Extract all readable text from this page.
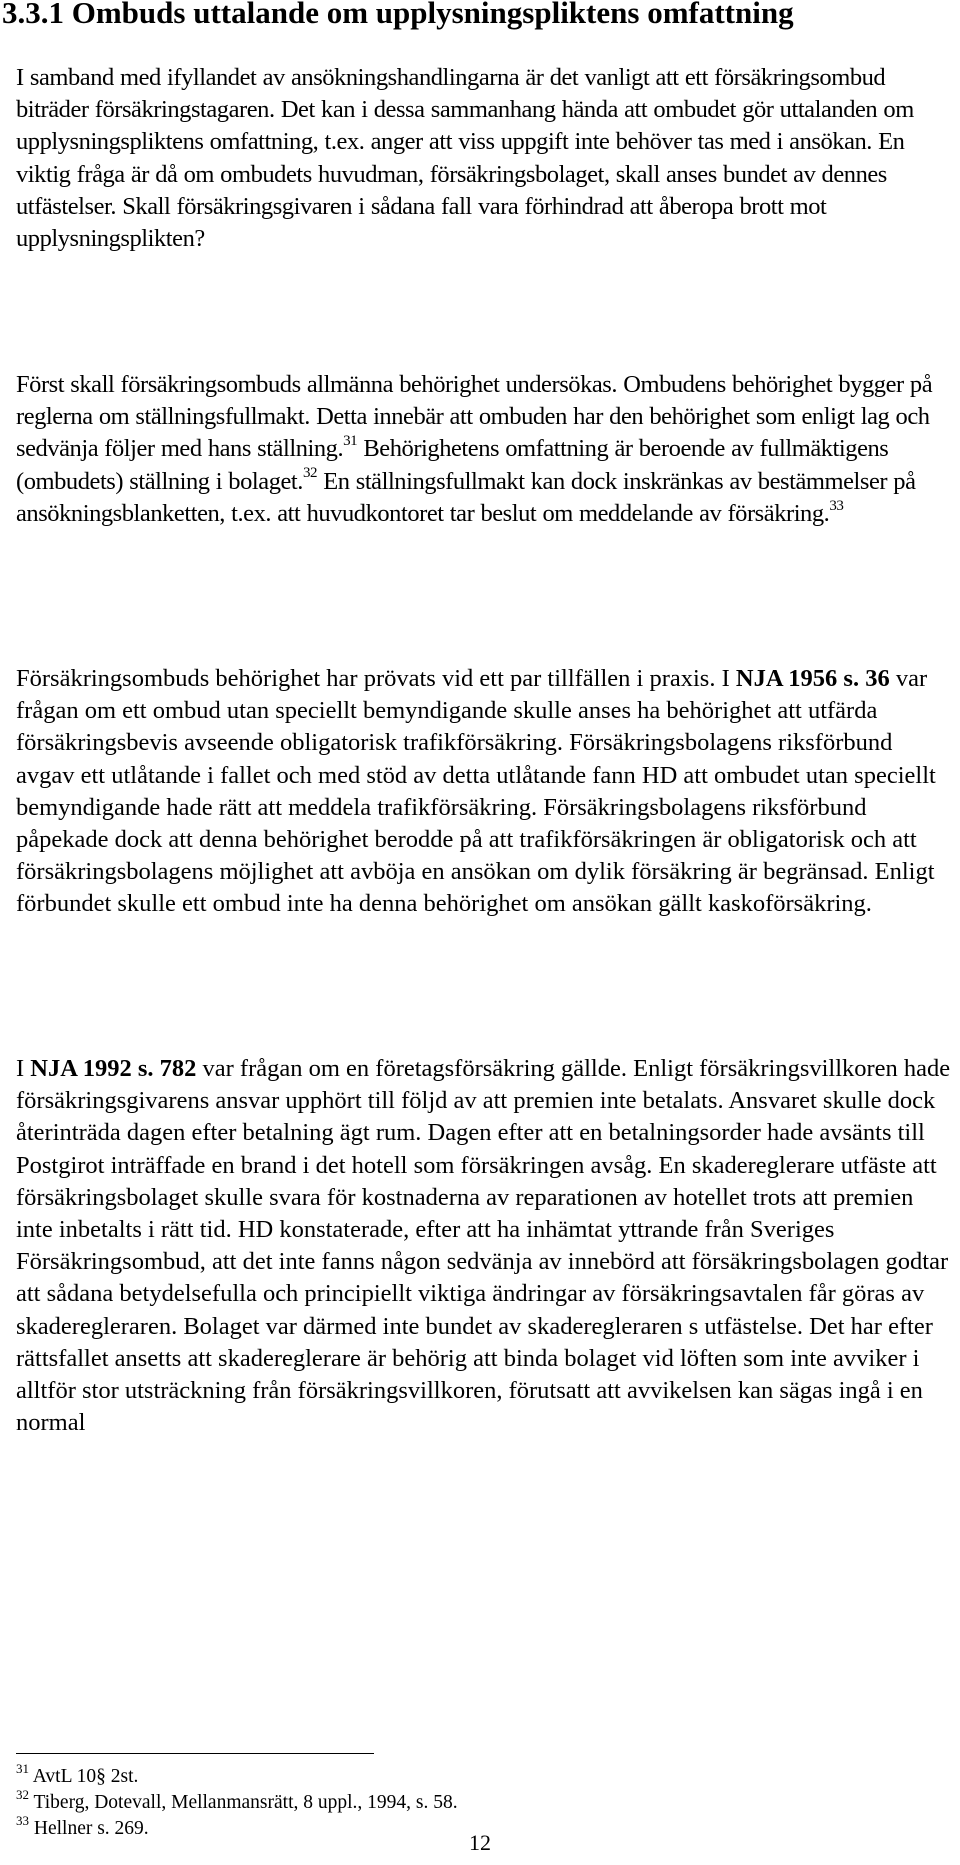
3.3.1 Ombuds uttalande om upplysningspliktens omfattning

I samband med ifyllandet av ansökningshandlingarna är det vanligt att ett försäkringsombud biträder försäkringstagaren. Det kan i dessa sammanhang hända att ombudet gör uttalanden om upplysningspliktens omfattning, t.ex. anger att viss uppgift inte behöver tas med i ansökan. En viktig fråga är då om ombudets huvudman, försäkringsbolaget, skall anses bundet av dennes utfästelser. Skall försäkringsgivaren i sådana fall vara förhindrad att åberopa brott mot upplysningsplikten?

Först skall försäkringsombuds allmänna behörighet undersökas. Ombudens behörighet bygger på reglerna om ställningsfullmakt. Detta innebär att ombuden har den behörighet som enligt lag och sedvänja följer med hans ställning.$^{31}$ Behörighetens omfattning är beroende av fullmäktigens (ombudets) ställning i bolaget.$^{32}$ En ställningsfullmakt kan dock inskränkas av bestämmelser på ansökningsblanketten, t.ex. att huvudkontoret tar beslut om meddelande av försäkring.$^{33}$

Försäkringsombuds behörighet har prövats vid ett par tillfällen i praxis. I NJA 1956 s. 36 var frågan om ett ombud utan speciellt bemyndigande skulle anses ha behörighet att utfärda försäkringsbevis avseende obligatorisk trafikförsäkring. Försäkringsbolagens riksförbund avgav ett utlåtande i fallet och med stöd av detta utlåtande fann HD att ombudet utan speciellt bemyndigande hade rätt att meddela trafikförsäkring. Försäkringsbolagens riksförbund påpekade dock att denna behörighet berodde på att trafikförsäkringen är obligatorisk och att försäkringsbolagens möjlighet att avböja en ansökan om dylik försäkring är begränsad. Enligt förbundet skulle ett ombud inte ha denna behörighet om ansökan gällt kaskoförsäkring.

I NJA 1992 s. 782 var frågan om en företagsförsäkring gällde. Enligt försäkringsvillkoren hade försäkringsgivarens ansvar upphört till följd av att premien inte betalats. Ansvaret skulle dock återinträda dagen efter betalning ägt rum. Dagen efter att en betalningsorder hade avsänts till Postgirot inträffade en brand i det hotell som försäkringen avsåg. En skadereglerare utfäste att försäkringsbolaget skulle svara för kostnaderna av reparationen av hotellet trots att premien inte inbetalts i rätt tid. HD konstaterade, efter att ha inhämtat yttrande från Sveriges Försäkringsombud, att det inte fanns någon sedvänja av innebörd att försäkringsbolagen godtar att sådana betydelsefulla och principiellt viktiga ändringar av försäkringsavtalen får göras av skaderegleraren. Bolaget var därmed inte bundet av skaderegleraren s utfästelse. Det har efter rättsfallet ansetts att skadereglerare är behörig att binda bolaget vid löften som inte avviker i alltför stor utsträckning från försäkringsvillkoren, förutsatt att avvikelsen kan sägas ingå i en normal

$^{31}$ AvtL 10§ 2st.
$^{32}$ Tiberg, Dotevall, Mellanmansrätt, 8 uppl., 1994, s. 58.
$^{33}$ Hellner s. 269.
12
